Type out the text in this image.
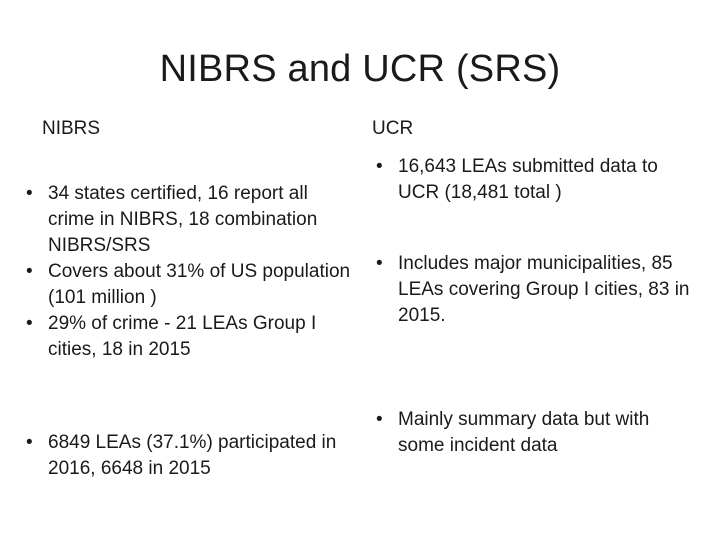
NIBRS and UCR (SRS)
NIBRS	UCR
• 34 states certified, 16 report all crime in NIBRS, 18 combination NIBRS/SRS
• Covers about 31% of US population (101 million )
• 29% of crime - 21 LEAs Group I cities, 18 in 2015
• 6849 LEAs (37.1%) participated in 2016, 6648 in 2015
• 16,643 LEAs submitted data to UCR (18,481 total )
• Includes major municipalities, 85 LEAs covering Group I cities, 83 in 2015.
• Mainly summary data but with some incident data
